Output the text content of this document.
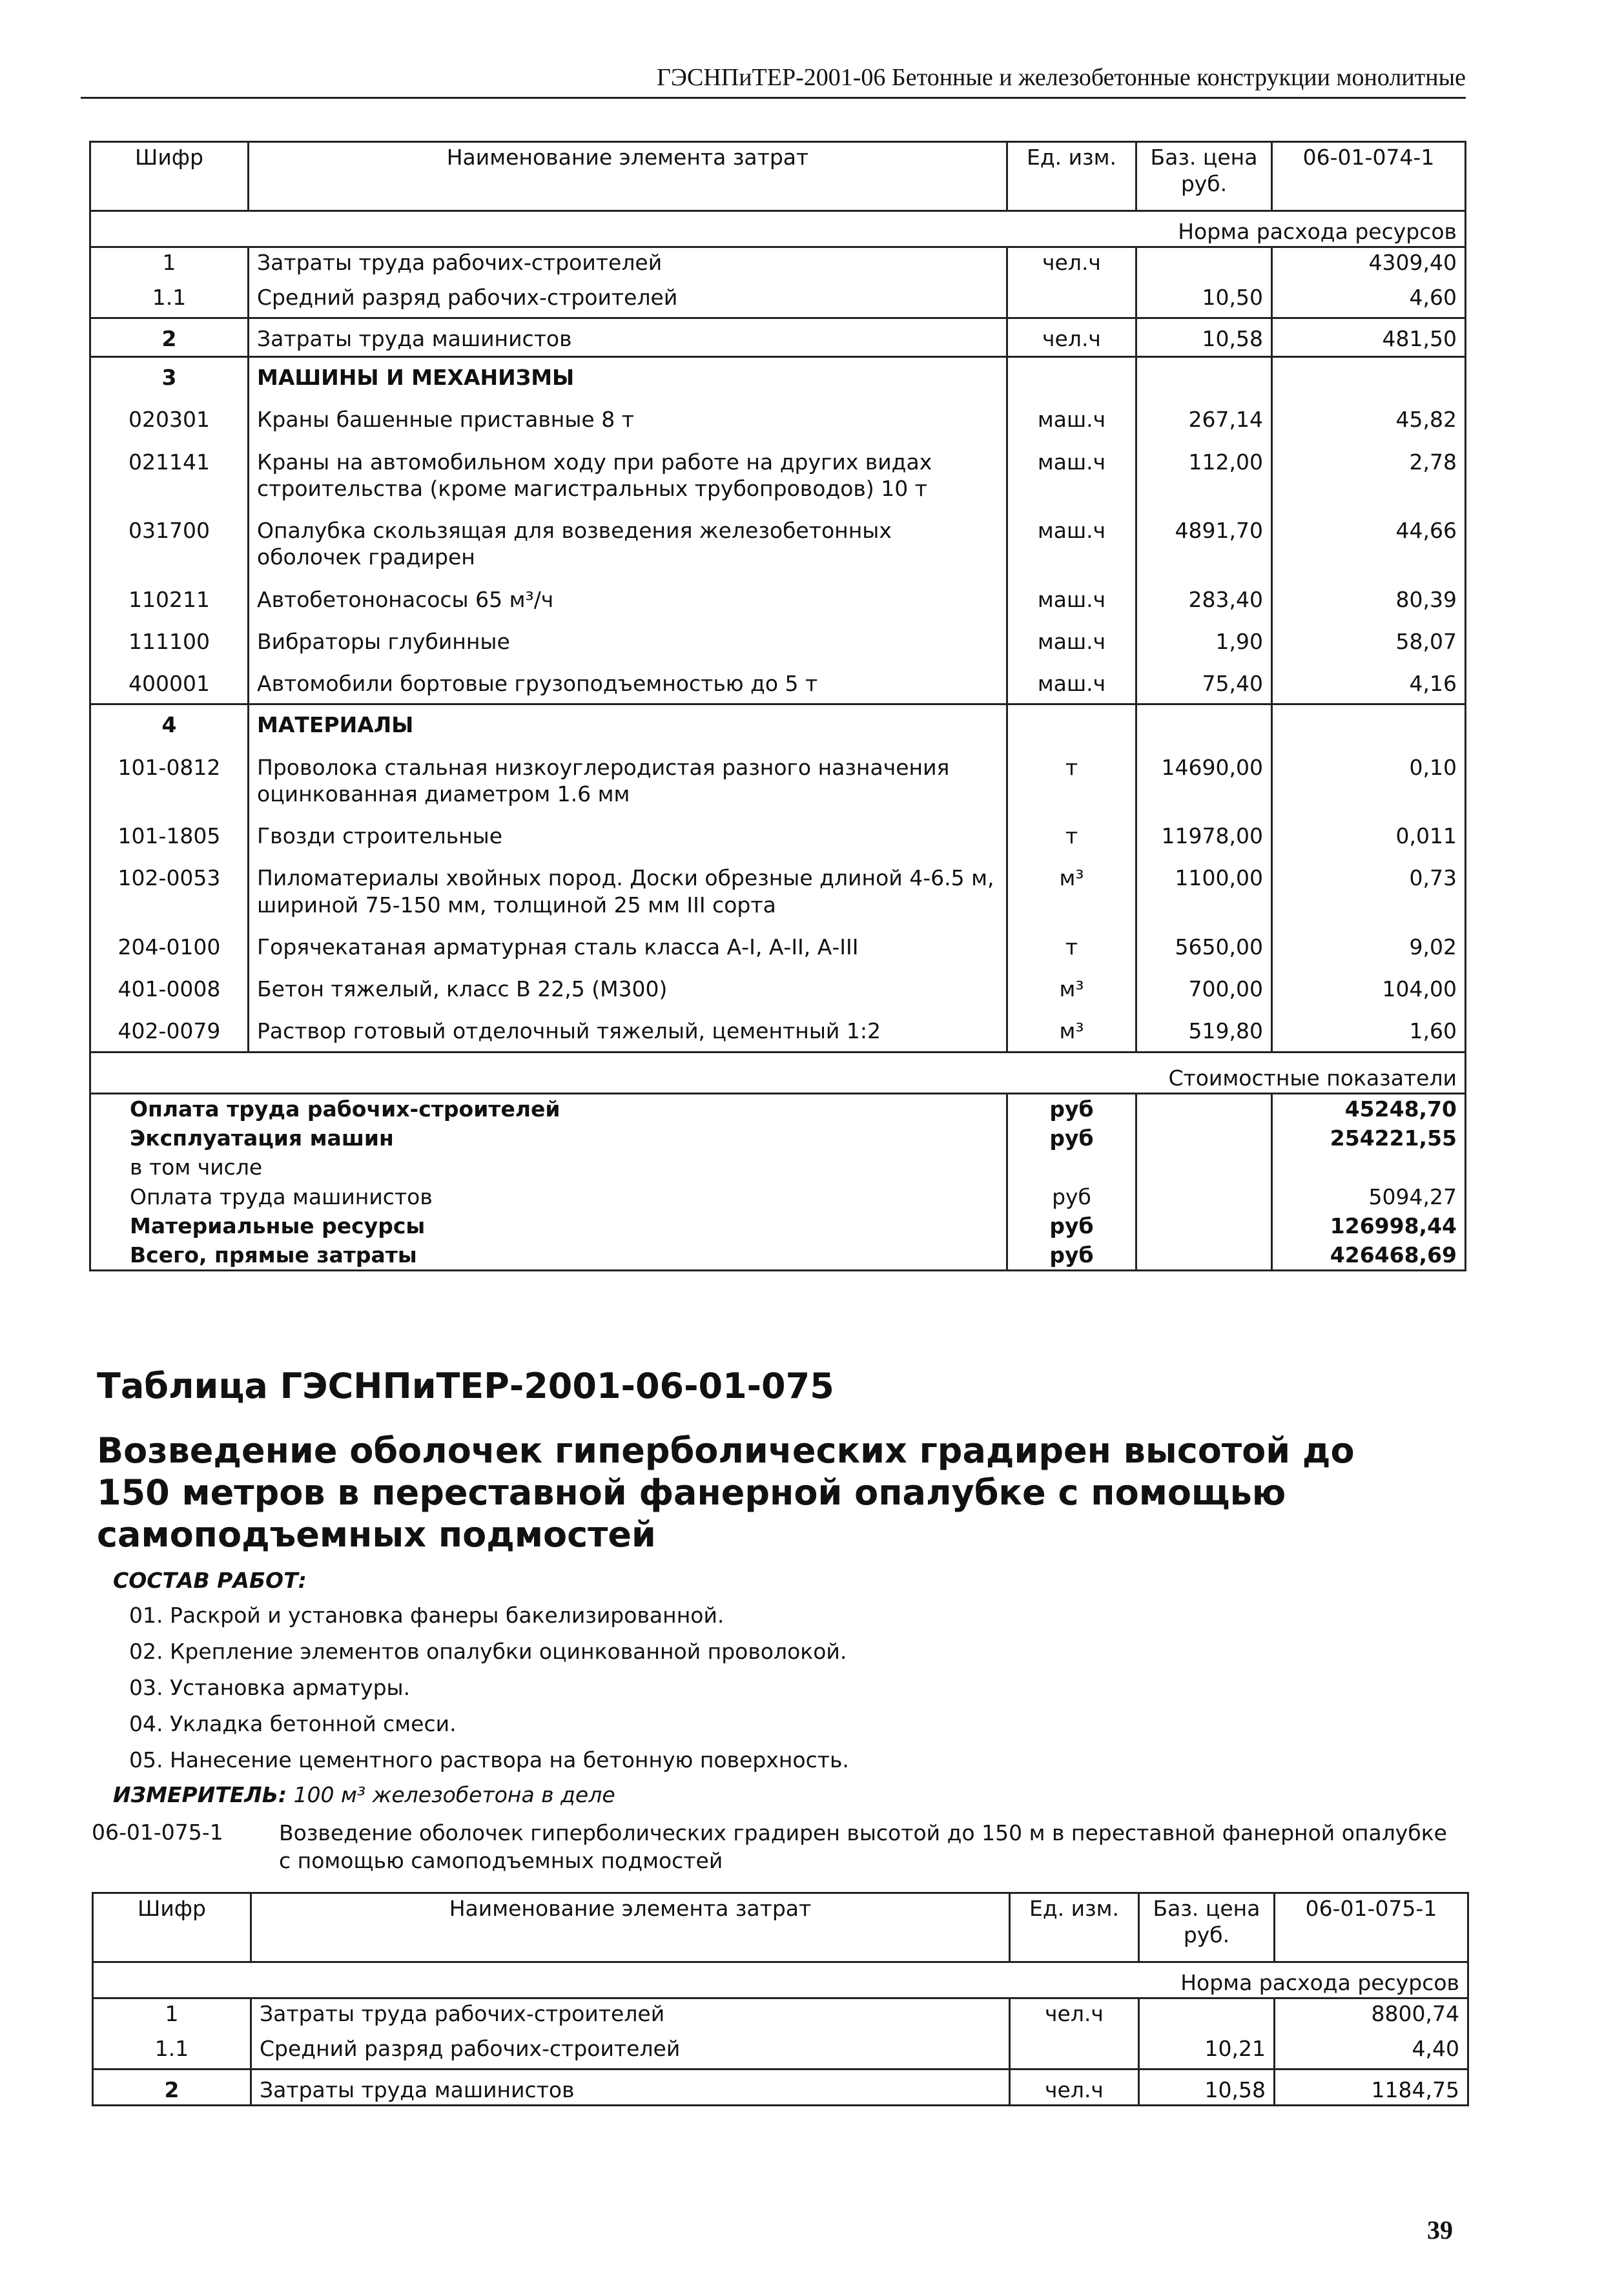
ГЭСНПиТЕР-2001-06 Бетонные и железобетонные конструкции монолитные
Шифр	Наименование элемента затрат	Ед. изм.	Баз. цена руб.	06-01-074-1
Норма расхода ресурсов				
1	Затраты труда рабочих-строителей	чел.ч		4309,40
1.1	Средний разряд рабочих-строителей		10,50	4,60
2	Затраты труда машинистов	чел.ч	10,58	481,50
3	МАШИНЫ И МЕХАНИЗМЫ			
020301	Краны башенные приставные 8 т	маш.ч	267,14	45,82
021141	Краны на автомобильном ходу при работе на других видах строительства (кроме магистральных трубопроводов) 10 т	маш.ч	112,00	2,78
031700	Опалубка скользящая для возведения железобетонных оболочек градирен	маш.ч	4891,70	44,66
110211	Автобетононасосы 65 м³/ч	маш.ч	283,40	80,39
111100	Вибраторы глубинные	маш.ч	1,90	58,07
400001	Автомобили бортовые грузоподъемностью до 5 т	маш.ч	75,40	4,16
4	МАТЕРИАЛЫ			
101-0812	Проволока стальная низкоуглеродистая разного назначения оцинкованная диаметром 1.6 мм	т	14690,00	0,10
101-1805	Гвозди строительные	т	11978,00	0,011
102-0053	Пиломатериалы хвойных пород. Доски обрезные длиной 4-6.5 м, шириной 75-150 мм, толщиной 25 мм III сорта	м³	1100,00	0,73
204-0100	Горячекатаная арматурная сталь класса А-I, А-II, А-III	т	5650,00	9,02
401-0008	Бетон тяжелый, класс В 22,5 (М300)	м³	700,00	104,00
402-0079	Раствор готовый отделочный тяжелый, цементный 1:2	м³	519,80	1,60
Стоимостные показатели				
Оплата труда рабочих-строителей		руб		45248,70
Эксплуатация машин		руб		254221,55
в том числе				
Оплата труда машинистов		руб		5094,27
Материальные ресурсы		руб		126998,44
Всего, прямые затраты		руб		426468,69
Таблица ГЭСНПиТЕР-2001-06-01-075
Возведение оболочек гиперболических градирен высотой до
150 метров в переставной фанерной опалубке с помощью
самоподъемных подмостей
СОСТАВ РАБОТ:
01. Раскрой и установка фанеры бакелизированной.
02. Крепление элементов опалубки оцинкованной проволокой.
03. Установка арматуры.
04. Укладка бетонной смеси.
05. Нанесение цементного раствора на бетонную поверхность.
ИЗМЕРИТЕЛЬ: 100 м³ железобетона в деле
06-01-075-1	Возведение оболочек гиперболических градирен высотой до 150 м в переставной фанерной опалубке с помощью самоподъемных подмостей
Шифр	Наименование элемента затрат	Ед. изм.	Баз. цена руб.	06-01-075-1
Норма расхода ресурсов				
1	Затраты труда рабочих-строителей	чел.ч		8800,74
1.1	Средний разряд рабочих-строителей		10,21	4,40
2	Затраты труда машинистов	чел.ч	10,58	1184,75
39
